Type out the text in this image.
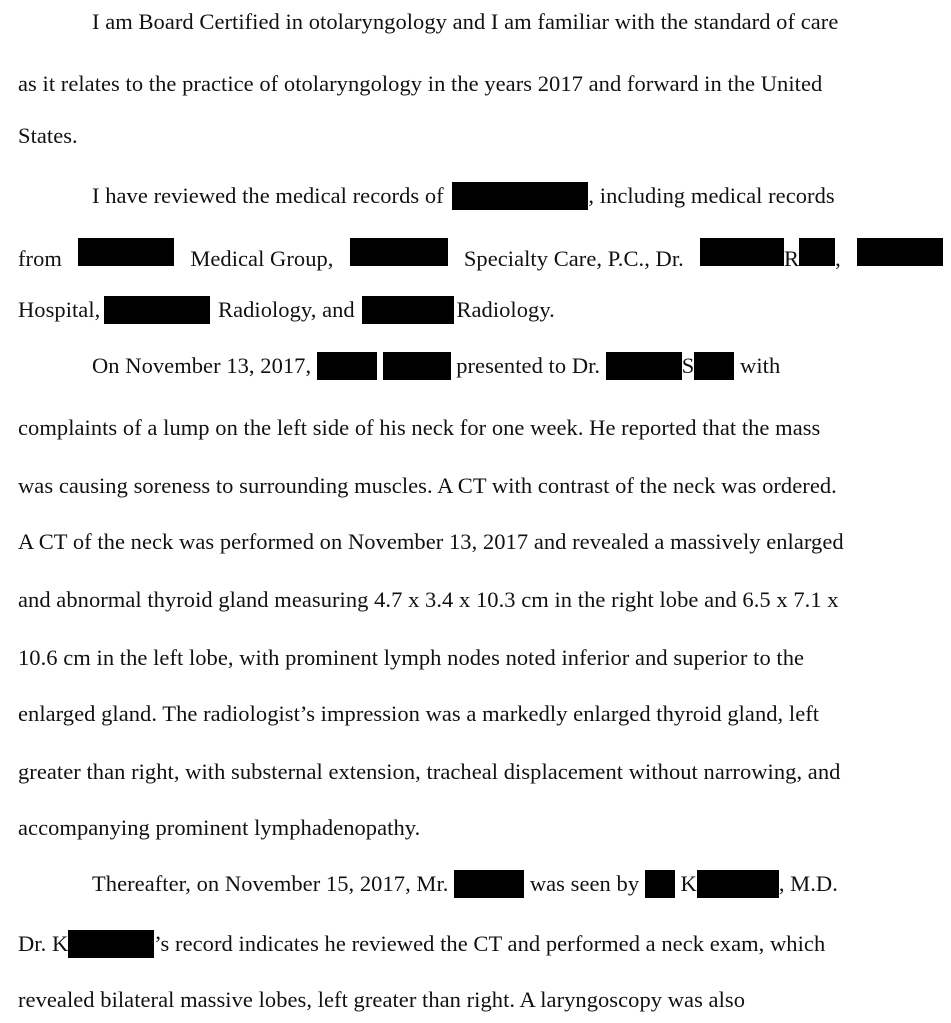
I am Board Certified in otolaryngology and I am familiar with the standard of care
as it relates to the practice of otolaryngology in the years 2017 and forward in the United
States.
I have reviewed the medical records of	, including medical records
from	Medical Group,	Specialty Care, P.C., Dr.	R ,
Hospital,	Radiology, and	Radiology.
On November 13, 2017,	presented to Dr.	S with
complaints of a lump on the left side of his neck for one week. He reported that the mass
was causing soreness to surrounding muscles. A CT with contrast of the neck was ordered.
A CT of the neck was performed on November 13, 2017 and revealed a massively enlarged
and abnormal thyroid gland measuring 4.7 x 3.4 x 10.3 cm in the right lobe and 6.5 x 7.1 x
10.6 cm in the left lobe, with prominent lymph nodes noted inferior and superior to the
enlarged gland. The radiologist’s impression was a markedly enlarged thyroid gland, left
greater than right, with substernal extension, tracheal displacement without narrowing, and
accompanying prominent lymphadenopathy.
Thereafter, on November 15, 2017, Mr.	was seen by K	, M.D.
Dr. K	’s record indicates he reviewed the CT and performed a neck exam, which
revealed bilateral massive lobes, left greater than right. A laryngoscopy was also
